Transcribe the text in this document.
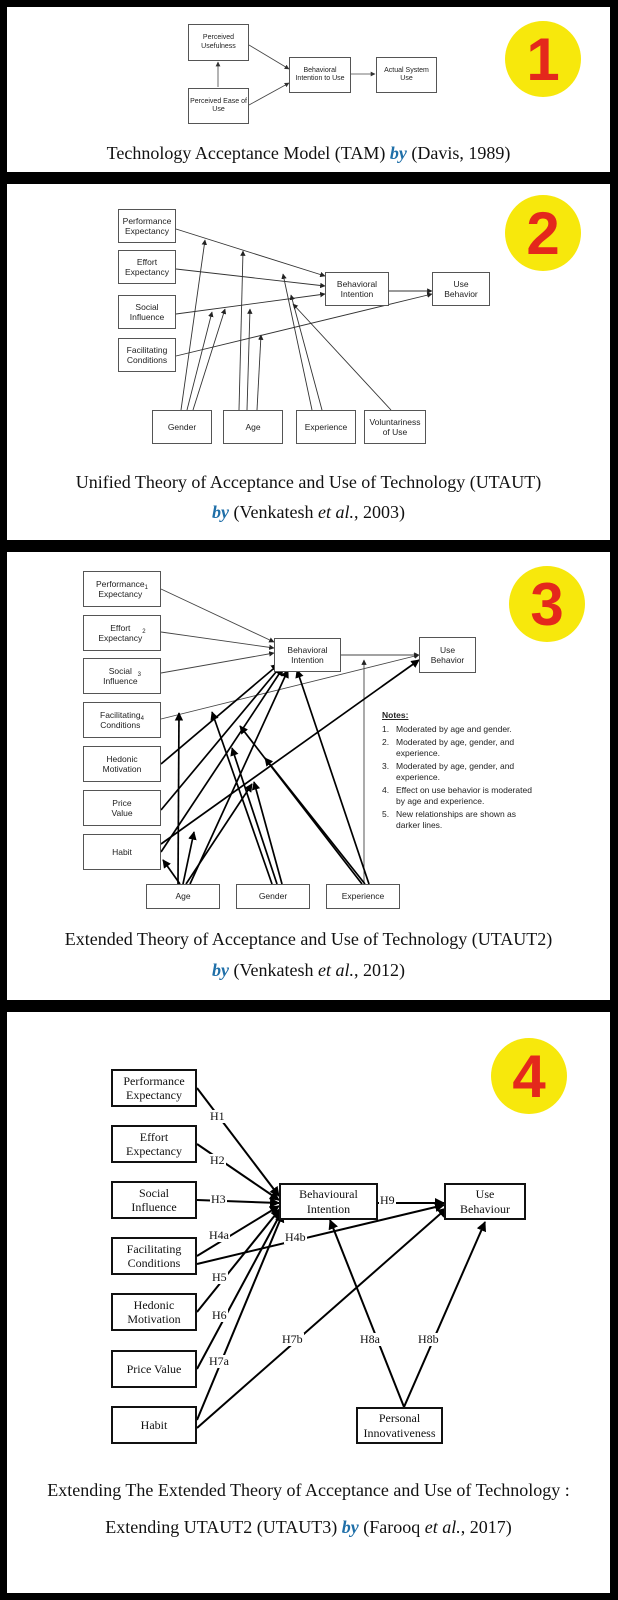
Perceived
Usefulness
Perceived Ease of
Use
Behavioral
Intention to Use
Actual System
Use	1
Technology Acceptance Model (TAM) by (Davis, 1989)
Performance
Expectancy
Effort
Expectancy
Social
Influence
Facilitating
Conditions
Behavioral
Intention
Use
Behavior
Gender	Age	Experience
Voluntariness
of Use
2
Unified Theory of Acceptance and Use of Technology (UTAUT)
by (Venkatesh et al., 2003)
Performance
Expectancy
1
Effort
Expectancy
2
Social
Influence
3
Facilitating
Conditions
4
Hedonic
Motivation
Price
Value
Habit
Behavioral
Intention
Use
Behavior
Age	Gender	Experience
Notes:
1. Moderated by age and gender.
2. Moderated by age, gender, and experience.
3. Moderated by age, gender, and experience.
4. Effect on use behavior is moderated by age and experience.
5. New relationships are shown as darker lines.
3
Extended Theory of Acceptance and Use of Technology (UTAUT2)
by (Venkatesh et al., 2012)
Performance
Expectancy
Effort
Expectancy
Social
Influence
Facilitating
Conditions
Hedonic
Motivation
Price Value
Habit
Behavioural
Intention
Use
Behaviour
Personal
Innovativeness
H1
H2
H3
H4a	H4b
H5
H6
H7a
H7b	H8a	H8b
H9
4
Extending The Extended Theory of Acceptance and Use of Technology :
Extending UTAUT2 (UTAUT3) by (Farooq et al., 2017)
